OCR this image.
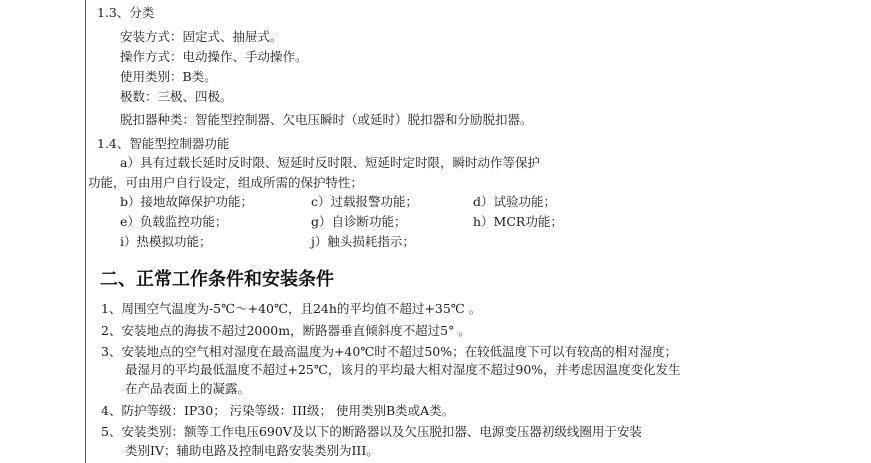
1.3、分类
安装方式：固定式、抽屉式。
操作方式：电动操作、手动操作。
使用类别：B类。
极数：三极、四极。
脱扣器种类：智能型控制器、欠电压瞬时（或延时）脱扣器和分励脱扣器。
1.4、智能型控制器功能
a）具有过载长延时反时限、短延时反时限、短延时定时限，瞬时动作等保护
功能，可由用户自行设定，组成所需的保护特性；
b）接地故障保护功能；	c）过载报警功能；	d）试验功能；
e）负载监控功能；	g）自诊断功能；	h）MCR功能；
i）热模拟功能；	j）触头损耗指示；
二、正常工作条件和安装条件
1、周围空气温度为-5℃～+40℃，且24h的平均值不超过+35℃ 。
2、安装地点的海拔不超过2000m，断路器垂直倾斜度不超过5° 。
3、安装地点的空气相对湿度在最高温度为+40℃时不超过50%；在较低温度下可以有较高的相对湿度；
最湿月的平均最低温度不超过+25℃，该月的平均最大相对湿度不超过90%，并考虑因温度变化发生
在产品表面上的凝露。
4、防护等级：IP30； 污染等级：III级； 使用类别B类或A类。
5、安装类别：额等工作电压690V及以下的断路器以及欠压脱扣器、电源变压器初级线圈用于安装
类别IV；辅助电路及控制电路安装类别为III。
